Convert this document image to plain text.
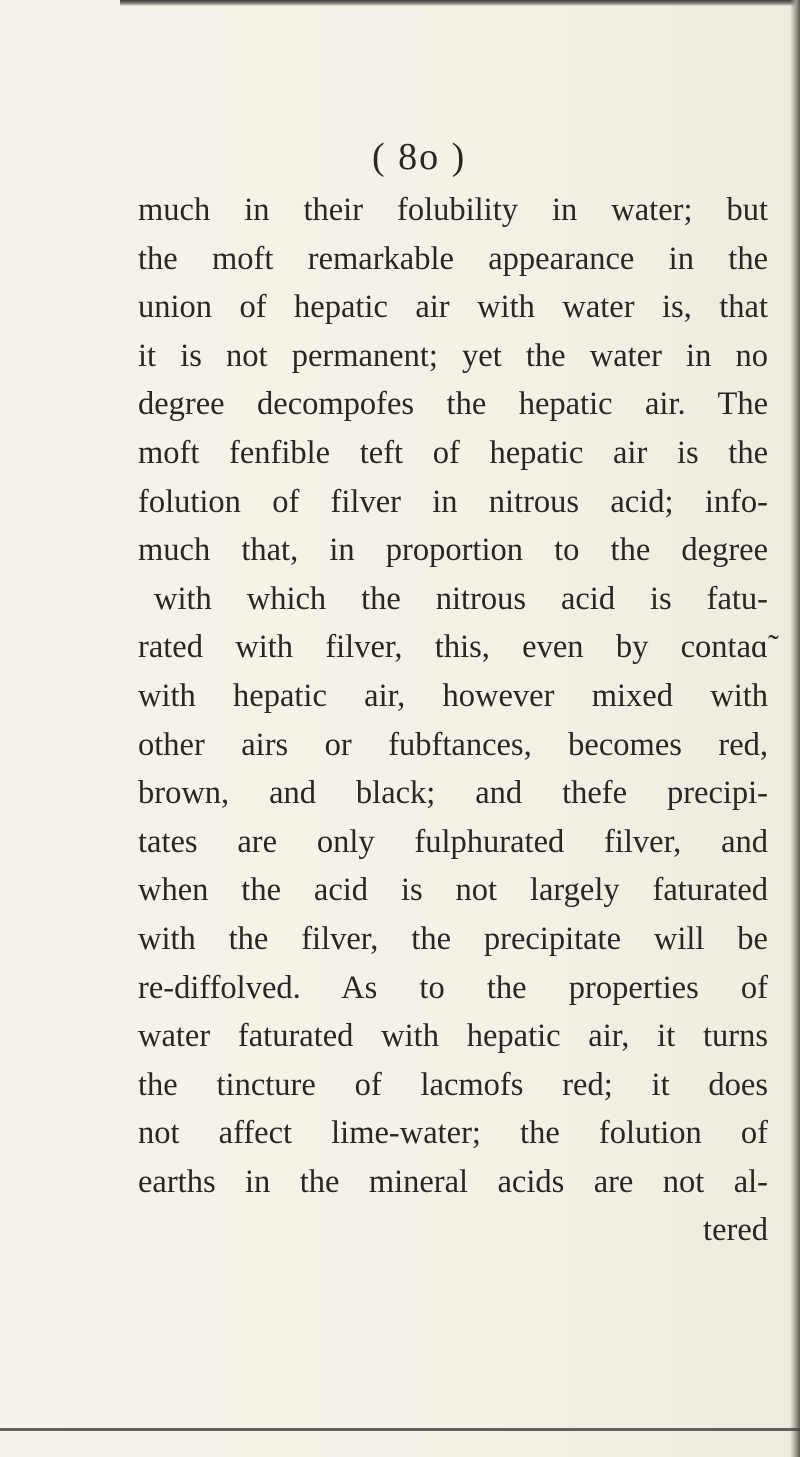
( 8o )
much in their folubility in water; but
the moft remarkable appearance in the
union of hepatic air with water is, that
it is not permanent; yet the water in no
degree decompofes the hepatic air. The
moft fenfible teft of hepatic air is the
folution of filver in nitrous acid; info-
much that, in proportion to the degree
with which the nitrous acid is fatu-
rated with filver, this, even by contaɑ̃
with hepatic air, however mixed with
other airs or fubftances, becomes red,
brown, and black; and thefe precipi-
tates are only fulphurated filver, and
when the acid is not largely faturated
with the filver, the precipitate will be
re-diffolved. As to the properties of
water faturated with hepatic air, it turns
the tincture of lacmofs red; it does
not affect lime-water; the folution of
earths in the mineral acids are not al-
tered
